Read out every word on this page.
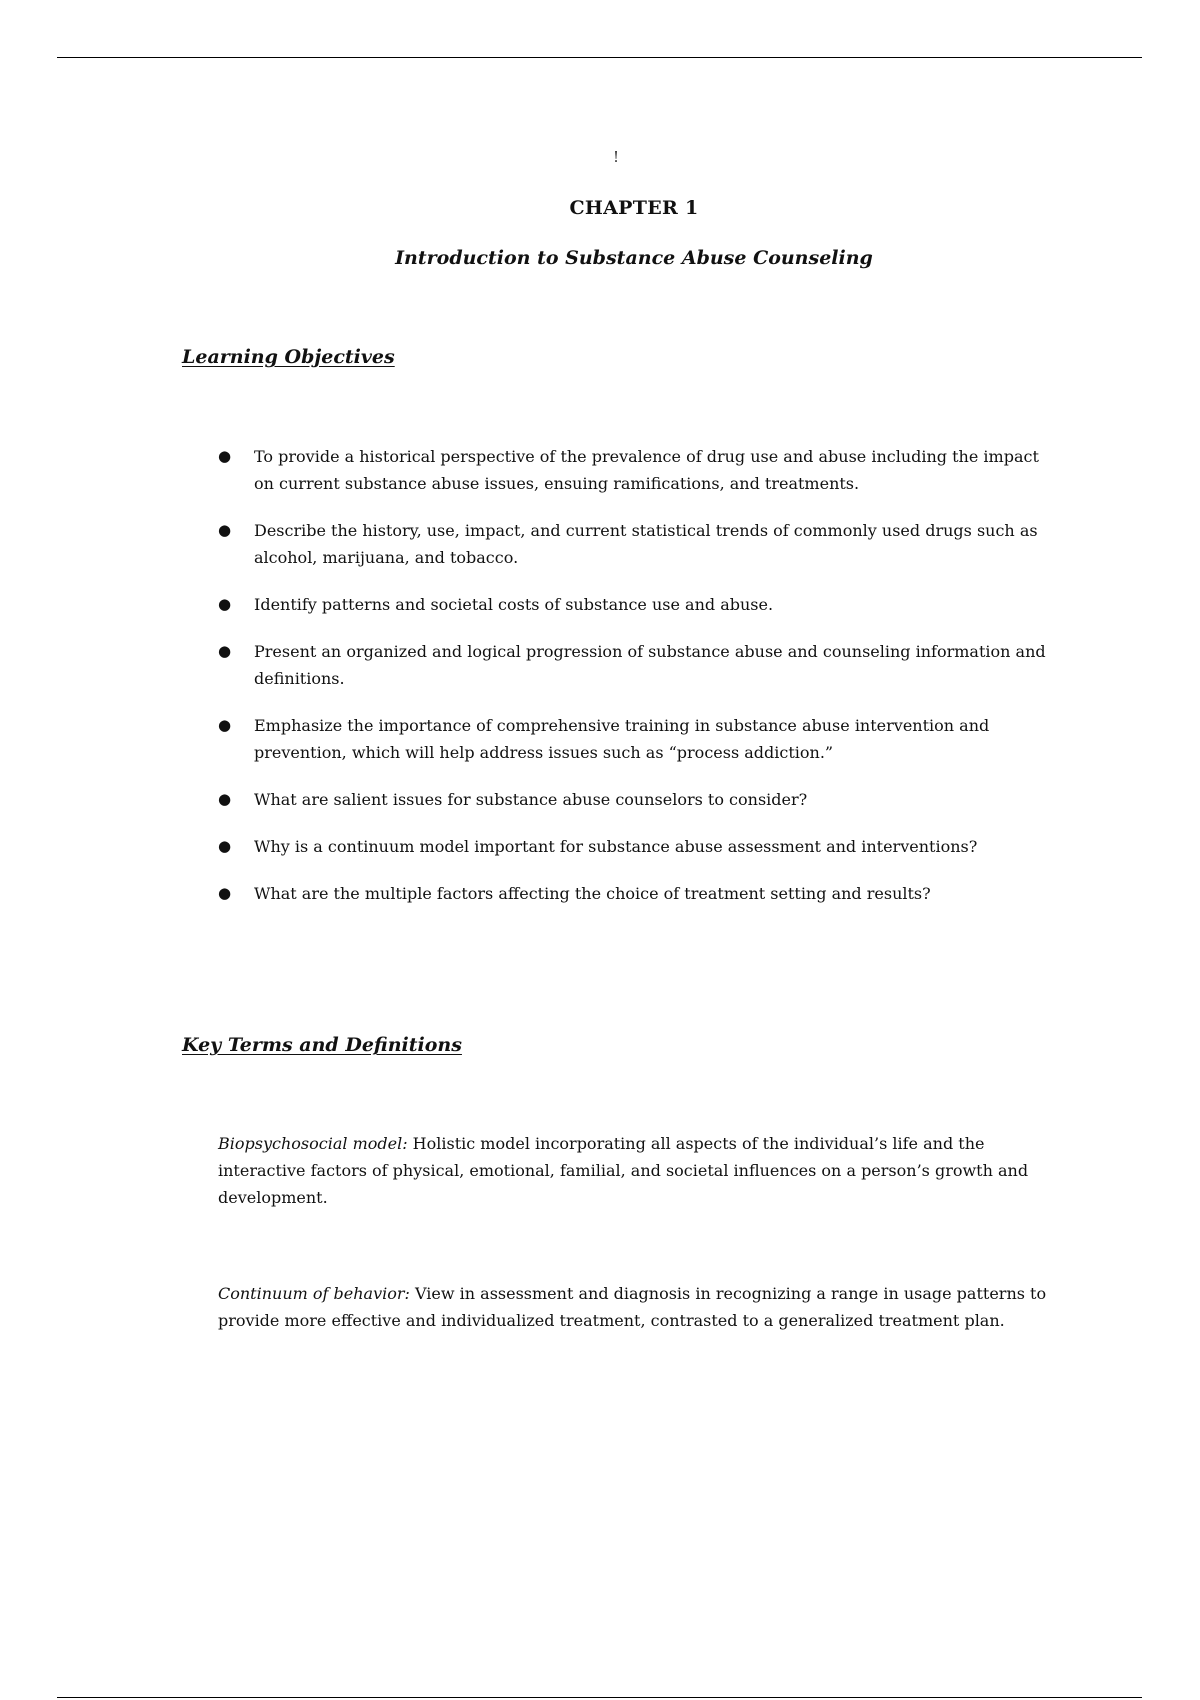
!
CHAPTER 1
Introduction to Substance Abuse Counseling
Learning Objectives
● To provide a historical perspective of the prevalence of drug use and abuse including the impact on current substance abuse issues, ensuing ramifications, and treatments.
● Describe the history, use, impact, and current statistical trends of commonly used drugs such as alcohol, marijuana, and tobacco.
● Identify patterns and societal costs of substance use and abuse.
● Present an organized and logical progression of substance abuse and counseling information and definitions.
● Emphasize the importance of comprehensive training in substance abuse intervention and prevention, which will help address issues such as “process addiction.”
● What are salient issues for substance abuse counselors to consider?
● Why is a continuum model important for substance abuse assessment and interventions?
● What are the multiple factors affecting the choice of treatment setting and results?
Key Terms and Definitions
Biopsychosocial model: Holistic model incorporating all aspects of the individual’s life and the interactive factors of physical, emotional, familial, and societal influences on a person’s growth and development.
Continuum of behavior: View in assessment and diagnosis in recognizing a range in usage patterns to provide more effective and individualized treatment, contrasted to a generalized treatment plan.
